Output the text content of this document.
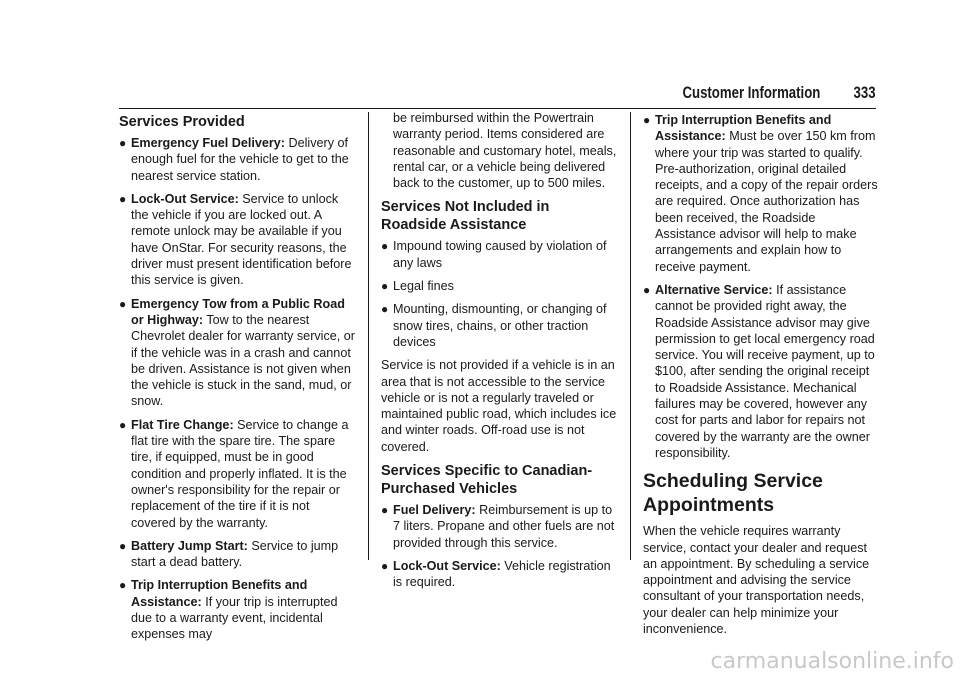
Customer Information 333
Services Provided
● Emergency Fuel Delivery: Delivery of enough fuel for the vehicle to get to the nearest service station.
● Lock-Out Service: Service to unlock the vehicle if you are locked out. A remote unlock may be available if you have OnStar. For security reasons, the driver must present identification before this service is given.
● Emergency Tow from a Public Road or Highway: Tow to the nearest Chevrolet dealer for warranty service, or if the vehicle was in a crash and cannot be driven. Assistance is not given when the vehicle is stuck in the sand, mud, or snow.
● Flat Tire Change: Service to change a flat tire with the spare tire. The spare tire, if equipped, must be in good condition and properly inflated. It is the owner's responsibility for the repair or replacement of the tire if it is not covered by the warranty.
● Battery Jump Start: Service to jump start a dead battery.
● Trip Interruption Benefits and Assistance: If your trip is interrupted due to a warranty event, incidental expenses may
be reimbursed within the Powertrain warranty period. Items considered are reasonable and customary hotel, meals, rental car, or a vehicle being delivered back to the customer, up to 500 miles.
Services Not Included in Roadside Assistance
● Impound towing caused by violation of any laws
● Legal fines
● Mounting, dismounting, or changing of snow tires, chains, or other traction devices
Service is not provided if a vehicle is in an area that is not accessible to the service vehicle or is not a regularly traveled or maintained public road, which includes ice and winter roads. Off-road use is not covered.
Services Specific to Canadian-Purchased Vehicles
● Fuel Delivery: Reimbursement is up to 7 liters. Propane and other fuels are not provided through this service.
● Lock-Out Service: Vehicle registration is required.
● Trip Interruption Benefits and Assistance: Must be over 150 km from where your trip was started to qualify. Pre-authorization, original detailed receipts, and a copy of the repair orders are required. Once authorization has been received, the Roadside Assistance advisor will help to make arrangements and explain how to receive payment.
● Alternative Service: If assistance cannot be provided right away, the Roadside Assistance advisor may give permission to get local emergency road service. You will receive payment, up to $100, after sending the original receipt to Roadside Assistance. Mechanical failures may be covered, however any cost for parts and labor for repairs not covered by the warranty are the owner responsibility.
Scheduling Service Appointments
When the vehicle requires warranty service, contact your dealer and request an appointment. By scheduling a service appointment and advising the service consultant of your transportation needs, your dealer can help minimize your inconvenience.
carmanualsonline.info
